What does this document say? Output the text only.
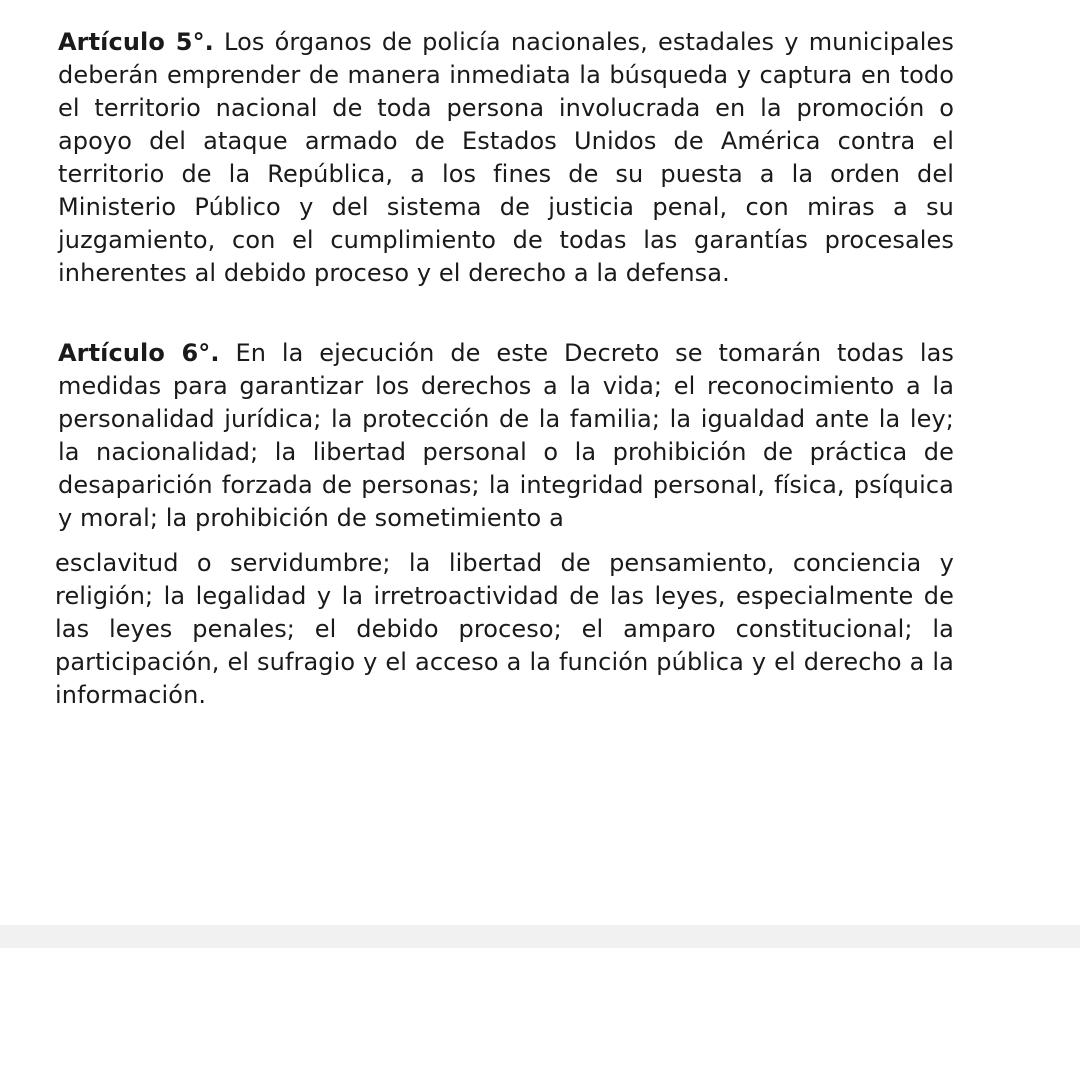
Artículo 5°. Los órganos de policía nacionales, estadales y municipales deberán emprender de manera inmediata la búsqueda y captura en todo el territorio nacional de toda persona involucrada en la promoción o apoyo del ataque armado de Estados Unidos de América contra el territorio de la República, a los fines de su puesta a la orden del Ministerio Público y del sistema de justicia penal, con miras a su juzgamiento, con el cumplimiento de todas las garantías procesales inherentes al debido proceso y el derecho a la defensa.

Artículo 6°. En la ejecución de este Decreto se tomarán todas las medidas para garantizar los derechos a la vida; el reconocimiento a la personalidad jurídica; la protección de la familia; la igualdad ante la ley; la nacionalidad; la libertad personal o la prohibición de práctica de desaparición forzada de personas; la integridad personal, física, psíquica y moral; la prohibición de sometimiento a

esclavitud o servidumbre; la libertad de pensamiento, conciencia y religión; la legalidad y la irretroactividad de las leyes, especialmente de las leyes penales; el debido proceso; el amparo constitucional; la participación, el sufragio y el acceso a la función pública y el derecho a la información.
